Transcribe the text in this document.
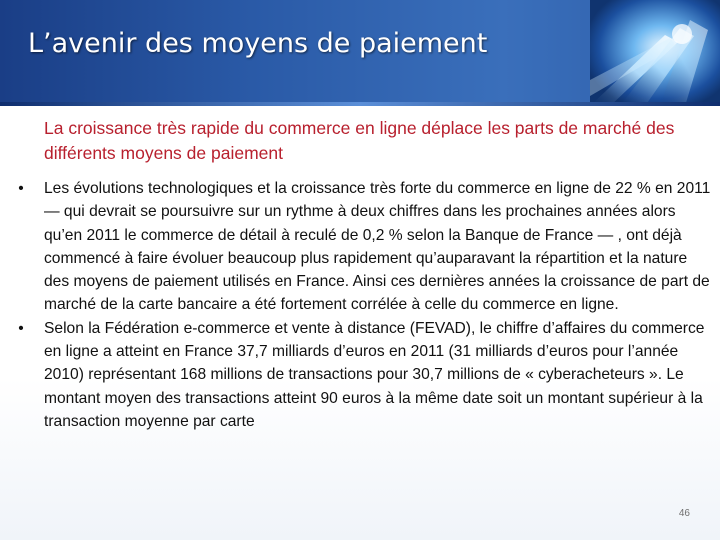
L’avenir des moyens de paiement

La croissance très rapide du commerce en ligne déplace les parts de marché des différents moyens de paiement

• Les évolutions technologiques et la croissance très forte du commerce en ligne de 22 % en 2011— qui devrait se poursuivre sur un rythme à deux chiffres dans les prochaines années alors qu’en 2011 le commerce de détail à reculé de 0,2 % selon la Banque de France — , ont déjà commencé à faire évoluer beaucoup plus rapidement qu’auparavant la répartition et la nature des moyens de paiement utilisés en France. Ainsi ces dernières années la croissance de part de marché de la carte bancaire a été fortement corrélée à celle du commerce en ligne.
• Selon la Fédération e-commerce et vente à distance (FEVAD), le chiffre d’affaires du commerce en ligne a atteint en France 37,7 milliards d’euros en 2011 (31 milliards d’euros pour l’année 2010) représentant 168 millions de transactions pour 30,7 millions de « cyberacheteurs ». Le montant moyen des transactions atteint 90 euros à la même date soit un montant supérieur à la transaction moyenne par carte
46
